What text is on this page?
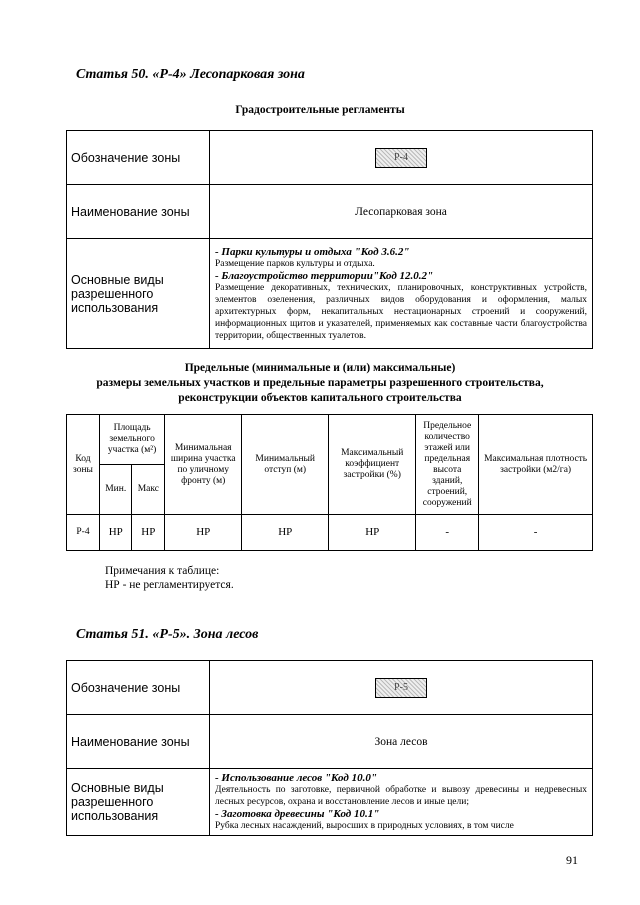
Статья 50. «Р-4» Лесопарковая зона
Градостроительные регламенты
Обозначение зоны	Р-4
Наименование зоны	Лесопарковая зона
Основные виды разрешенного использования	- Парки культуры и отдыха "Код 3.6.2"
Размещение парков культуры и отдыха.
- Благоустройство территории"Код 12.0.2"
Размещение декоративных, технических, планировочных, конструктивных устройств, элементов озеленения, различных видов оборудования и оформления, малых архитектурных форм, некапитальных нестационарных строений и сооружений, информационных щитов и указателей, применяемых как составные части благоустройства территории, общественных туалетов.
Предельные (минимальные и (или) максимальные)
размеры земельных участков и предельные параметры разрешенного строительства,
реконструкции объектов капитального строительства
Код зоны	Площадь земельного участка (м²)		Минимальная ширина участка по уличному фронту (м)	Минимальный отступ (м)	Максимальный коэффициент застройки (%)	Предельное количество этажей или предельная высота зданий, строений, сооружений	Максимальная плотность застройки (м2/га)
	Мин.	Макс					
Р-4	НР	НР	НР	НР	НР	-	-
Примечания к таблице:
НР - не регламентируется.
Статья 51. «Р-5». Зона лесов
Обозначение зоны	Р-5
Наименование зоны	Зона лесов
Основные виды разрешенного использования	- Использование лесов "Код 10.0"
Деятельность по заготовке, первичной обработке и вывозу древесины и недревесных лесных ресурсов, охрана и восстановление лесов и иные цели;
- Заготовка древесины "Код 10.1"
Рубка лесных насаждений, выросших в природных условиях, в том числе
91
